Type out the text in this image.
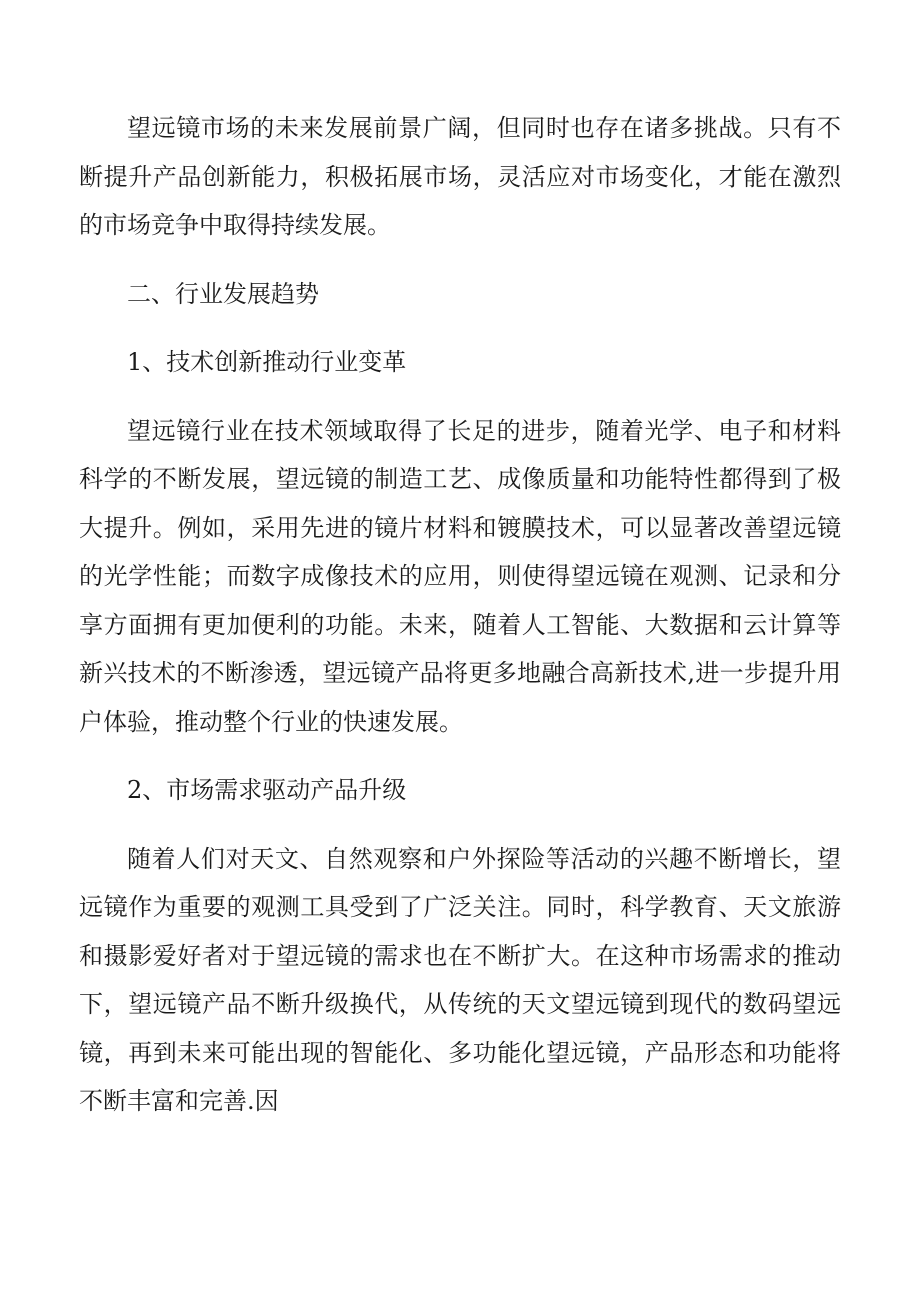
望远镜市场的未来发展前景广阔，但同时也存在诸多挑战。只有不断提升产品创新能力，积极拓展市场，灵活应对市场变化，才能在激烈的市场竞争中取得持续发展。

二、行业发展趋势

1、技术创新推动行业变革

望远镜行业在技术领域取得了长足的进步，随着光学、电子和材料科学的不断发展，望远镜的制造工艺、成像质量和功能特性都得到了极大提升。例如，采用先进的镜片材料和镀膜技术，可以显著改善望远镜的光学性能；而数字成像技术的应用，则使得望远镜在观测、记录和分享方面拥有更加便利的功能。未来，随着人工智能、大数据和云计算等新兴技术的不断渗透，望远镜产品将更多地融合高新技术,进一步提升用户体验，推动整个行业的快速发展。

2、市场需求驱动产品升级

随着人们对天文、自然观察和户外探险等活动的兴趣不断增长，望远镜作为重要的观测工具受到了广泛关注。同时，科学教育、天文旅游和摄影爱好者对于望远镜的需求也在不断扩大。在这种市场需求的推动下，望远镜产品不断升级换代，从传统的天文望远镜到现代的数码望远镜，再到未来可能出现的智能化、多功能化望远镜，产品形态和功能将不断丰富和完善.因
